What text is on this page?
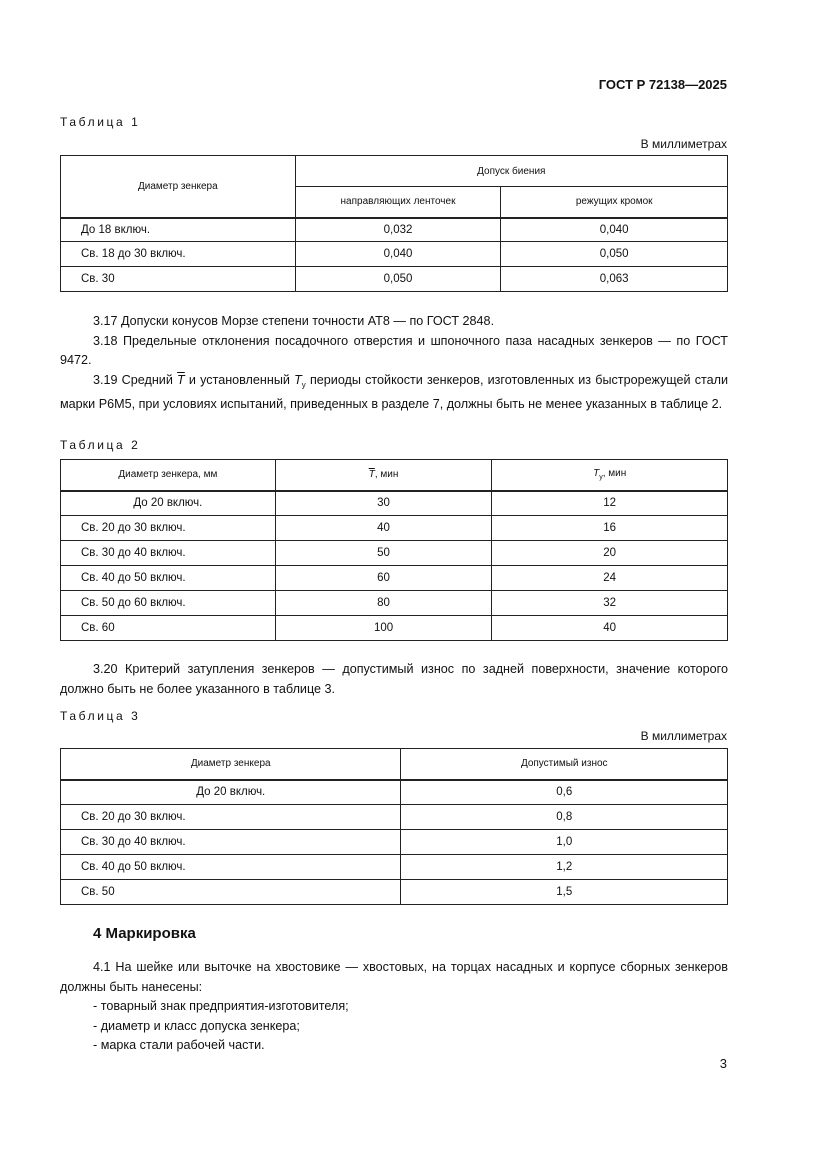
ГОСТ Р 72138—2025
Таблица 1
В миллиметрах
Диаметр зенкера	Допуск биения	
	направляющих ленточек	режущих кромок
До 18 включ.	0,032	0,040
Св. 18 до 30 включ.	0,040	0,050
Св. 30	0,050	0,063

3.17 Допуски конусов Морзе степени точности АТ8 — по ГОСТ 2848.

3.18 Предельные отклонения посадочного отверстия и шпоночного паза насадных зенкеров — по ГОСТ 9472.

3.19 Средний $\overline{T}$ и установленный $T_у$ периоды стойкости зенкеров, изготовленных из быстрорежущей стали марки Р6М5, при условиях испытаний, приведенных в разделе 7, должны быть не менее указанных в таблице 2.

Таблица 2
Диаметр зенкера, мм	$\overline{T}$, мин	$T_у$, мин
До 20 включ.	30	12
Св. 20 до 30 включ.	40	16
Св. 30 до 40 включ.	50	20
Св. 40 до 50 включ.	60	24
Св. 50 до 60 включ.	80	32
Св. 60	100	40

3.20 Критерий затупления зенкеров — допустимый износ по задней поверхности, значение которого должно быть не более указанного в таблице 3.

Таблица 3
В миллиметрах
Диаметр зенкера	Допустимый износ
До 20 включ.	0,6
Св. 20 до 30 включ.	0,8
Св. 30 до 40 включ.	1,0
Св. 40 до 50 включ.	1,2
Св. 50	1,5
4 Маркировка

4.1 На шейке или выточке на хвостовике — хвостовых, на торцах насадных и корпусе сборных зенкеров должны быть нанесены:

- товарный знак предприятия-изготовителя;

- диаметр и класс допуска зенкера;

- марка стали рабочей части.

3
